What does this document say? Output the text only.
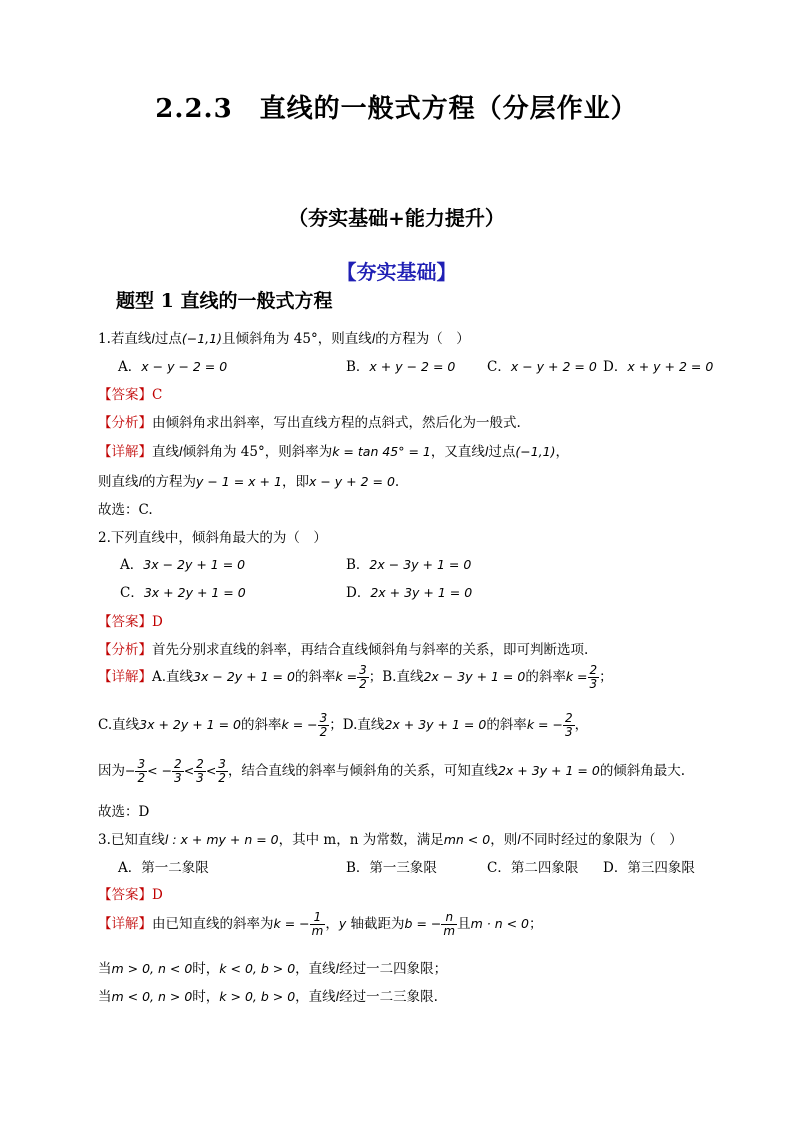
2.2.3　直线的一般式方程（分层作业）
（夯实基础+能力提升）
【夯实基础】
题型 1 直线的一般式方程
1.若直线l过点(−1,1)且倾斜角为 45°，则直线l的方程为（　）
A．x − y − 2 = 0	B．x + y − 2 = 0 C．x − y + 2 = 0 D．x + y + 2 = 0
【答案】C
【分析】由倾斜角求出斜率，写出直线方程的点斜式，然后化为一般式.
【详解】直线l倾斜角为 45°，则斜率为k = tan 45° = 1，又直线l过点(−1,1)，
则直线l的方程为y − 1 = x + 1，即x − y + 2 = 0.
故选：C.
2.下列直线中，倾斜角最大的为（　）
A．3x − 2y + 1 = 0	B．2x − 3y + 1 = 0
C．3x + 2y + 1 = 0	D．2x + 3y + 1 = 0
【答案】D
【分析】首先分别求直线的斜率，再结合直线倾斜角与斜率的关系，即可判断选项.
【详解】A.直线3x − 2y + 1 = 0的斜率$k = \frac{3}{2}$ ；B.直线2x − 3y + 1 = 0的斜率$k = \frac{2}{3}$ ；
C.直线3x + 2y + 1 = 0的斜率k = − $\frac{3}{2}$ ；D.直线2x + 3y + 1 = 0的斜率k = − $\frac{2}{3}$ ，
因为− $\frac{3}{2}$ < − $\frac{2}{3} < \frac{2}{3} < \frac{3}{2}$ ，结合直线的斜率与倾斜角的关系，可知直线2x + 3y + 1 = 0的倾斜角最大.
故选：D
3.已知直线l : x + my + n = 0，其中 m，n 为常数，满足mn < 0，则l不同时经过的象限为（　）
A．第一二象限	B．第一三象限	C．第二四象限 D．第三四象限
【答案】D
【详解】由已知直线的斜率为k = − $\frac{1}{m}$ ，y 轴截距为b = − $\frac{n}{m}$ 且m · n < 0；
当m > 0, n < 0时，k < 0, b > 0，直线l经过一二四象限；
当m < 0, n > 0时，k > 0, b > 0，直线l经过一二三象限.
